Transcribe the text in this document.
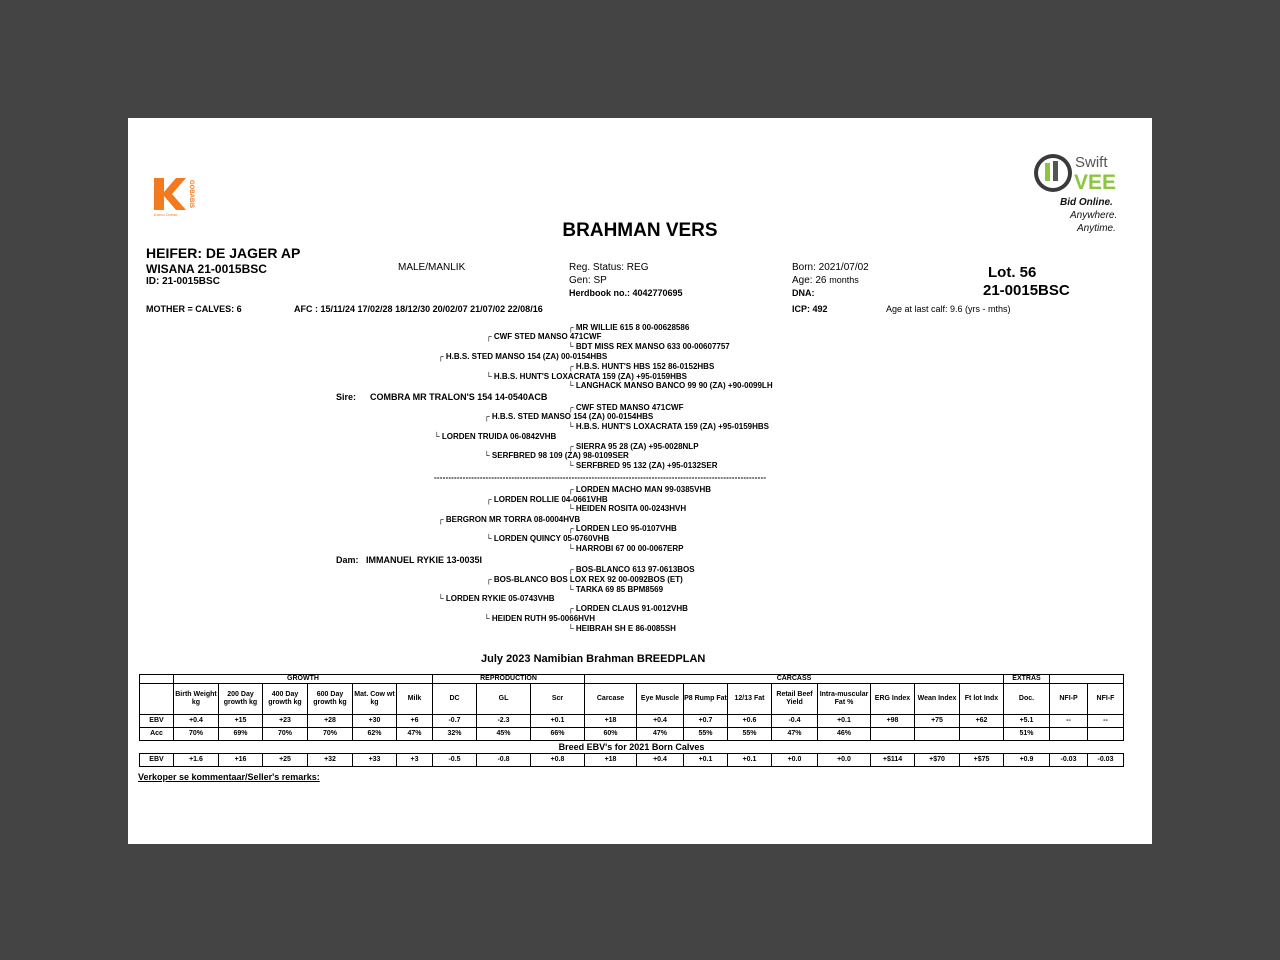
GOBABIS
Karoo Ochse
Swift
VEE
Bid Online.
Anywhere.
Anytime.
BRAHMAN VERS
HEIFER: DE JAGER AP
WISANA 21-0015BSC
ID: 21-0015BSC
MALE/MANLIK	Reg. Status: REG
Gen: SP
Herdbook no.: 4042770695
Born: 2021/07/02
Age: 26 months
DNA:
Lot. 56
21-0015BSC
MOTHER = CALVES: 6	AFC : 15/11/24 17/02/28 18/12/30 20/02/07 21/07/02 22/08/16	ICP: 492	Age at last calf: 9.6 (yrs - mths)
Sire: COMBRA MR TRALON'S 154 14-0540ACB
Dam: IMMANUEL RYKIE 13-0035I
--------------------------------------------------------------------------------------------------------------------
┌ MR WILLIE 615 8 00-00628586
┌ CWF STED MANSO 471CWF
└ BDT MISS REX MANSO 633 00-00607757
┌ H.B.S. STED MANSO 154 (ZA) 00-0154HBS
┌ H.B.S. HUNT'S HBS 152 86-0152HBS
└ H.B.S. HUNT'S LOXACRATA 159 (ZA) +95-0159HBS
└ LANGHACK MANSO BANCO 99 90 (ZA) +90-0099LH
┌ CWF STED MANSO 471CWF
┌ H.B.S. STED MANSO 154 (ZA) 00-0154HBS
└ H.B.S. HUNT'S LOXACRATA 159 (ZA) +95-0159HBS
└ LORDEN TRUIDA 06-0842VHB
┌ SIERRA 95 28 (ZA) +95-0028NLP
└ SERFBRED 98 109 (ZA) 98-0109SER
└ SERFBRED 95 132 (ZA) +95-0132SER
┌ LORDEN MACHO MAN 99-0385VHB
┌ LORDEN ROLLIE 04-0661VHB
└ HEIDEN ROSITA 00-0243HVH
┌ BERGRON MR TORRA 08-0004HVB
┌ LORDEN LEO 95-0107VHB
└ LORDEN QUINCY 05-0760VHB
└ HARROBI 67 00 00-0067ERP
┌ BOS-BLANCO 613 97-0613BOS
┌ BOS-BLANCO BOS LOX REX 92 00-0092BOS (ET)
└ TARKA 69 85 BPM8569
└ LORDEN RYKIE 05-0743VHB
┌ LORDEN CLAUS 91-0012VHB
└ HEIDEN RUTH 95-0066HVH
└ HEIBRAH SH E 86-0085SH
July 2023 Namibian Brahman BREEDPLAN
	GROWTH						REPRODUCTION			CARCASS									EXTRAS		
	Birth Weight kg	200 Day growth kg	400 Day growth kg	600 Day growth kg	Mat. Cow wt kg	Milk	DC	GL	Scr	Carcase	Eye Muscle	P8 Rump Fat	12/13 Fat	Retail Beef Yield	Intra-muscular Fat %	ERG Index	Wean Index	Ft lot Indx	Doc.	NFI-P	NFI-F
EBV	+0.4	+15	+23	+28	+30	+6	-0.7	-2.3	+0.1	+18	+0.4	+0.7	+0.6	-0.4	+0.1	+98	+75	+62	+5.1	--	--
Acc	70%	69%	70%	70%	62%	47%	32%	45%	66%	60%	47%	55%	55%	47%	46%				51%		
Breed EBV's for 2021 Born Calves																					
EBV	+1.6	+16	+25	+32	+33	+3	-0.5	-0.8	+0.8	+18	+0.4	+0.1	+0.1	+0.0	+0.0	+$114	+$70	+$75	+0.9	-0.03	-0.03
Verkoper se kommentaar/Seller's remarks:
